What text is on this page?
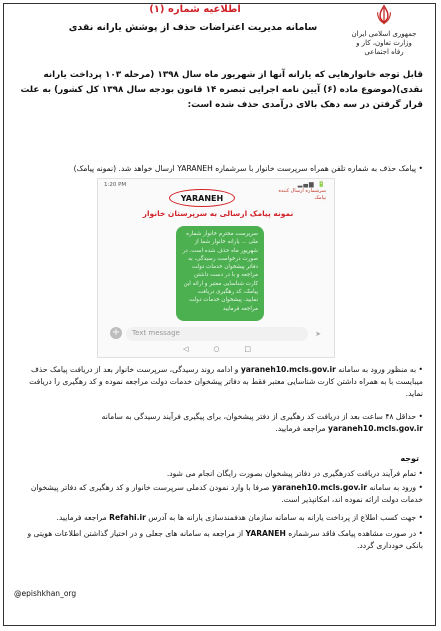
اطلاعیه شماره (۱)
سامانه مدیریت اعتراضات حذف از پوشش یارانه نقدی
جمهوری اسلامی ایران
وزارت تعاون، کار و رفاه اجتماعی
قابل توجه خانوارهایی که یارانه آنها از شهریور ماه سال ۱۳۹۸ (مرحله ۱۰۳ پرداخت یارانه نقدی)(موضوع ماده (۶) آیین نامه اجرایی تبصره ۱۴ قانون بودجه سال ۱۳۹۸ کل کشور) به علت قرار گرفتن در سه دهک بالای درآمدی حذف شده است:
• پیامک حذف به شماره تلفن همراه سرپرست خانوار با سرشماره YARANEH ارسال خواهد شد. (نمونه پیامک)
1:20 PM	▂▄▆ 🔋
YARANEH
سرشماره ارسال کننده پیامک
نمونه پیامک ارسالی به سرپرستان خانوار
سرپرست محترم خانوار شماره ملی ... یارانه خانوار شما از شهریور ماه حذف شده است. در صورت درخواست رسیدگی، به دفاتر پیشخوان خدمات دولت مراجعه و با در دست داشتن کارت شناسایی معتبر و ارائه این پیامک، کد رهگیری دریافت نمایید. پیشخوان خدمات دولت مراجعه فرمایید
+ Text message	➤
◁	○	□
• به منظور ورود به سامانه yaraneh10.mcls.gov.ir و ادامه روند رسیدگی، سرپرست خانوار بعد از دریافت پیامک حذف میبایست با به همراه داشتن کارت شناسایی معتبر فقط به دفاتر پیشخوان خدمات دولت مراجعه نموده و کد رهگیری را دریافت نماید.
• حداقل ۴۸ ساعت بعد از دریافت کد رهگیری از دفتر پیشخوان، برای پیگیری فرآیند رسیدگی به سامانه yaraneh10.mcls.gov.ir مراجعه فرمایید.
توجه
• تمام فرآیند دریافت کدرهگیری در دفاتر پیشخوان بصورت رایگان انجام می شود.
• ورود به سامانه yaraneh10.mcls.gov.ir صرفا با وارد نمودن کدملی سرپرست خانوار و کد رهگیری که دفاتر پیشخوان خدمات دولت ارائه نموده اند، امکانپذیر است.
• جهت کسب اطلاع از پرداخت یارانه به سامانه سازمان هدفمندسازی یارانه ها به آدرس Refahi.ir مراجعه فرمایید.
• در صورت مشاهده پیامک فاقد سرشماره YARANEH از مراجعه به سامانه های جعلی و در اختیار گذاشتن اطلاعات هویتی و بانکی خودداری گردد.
@epishkhan_org
